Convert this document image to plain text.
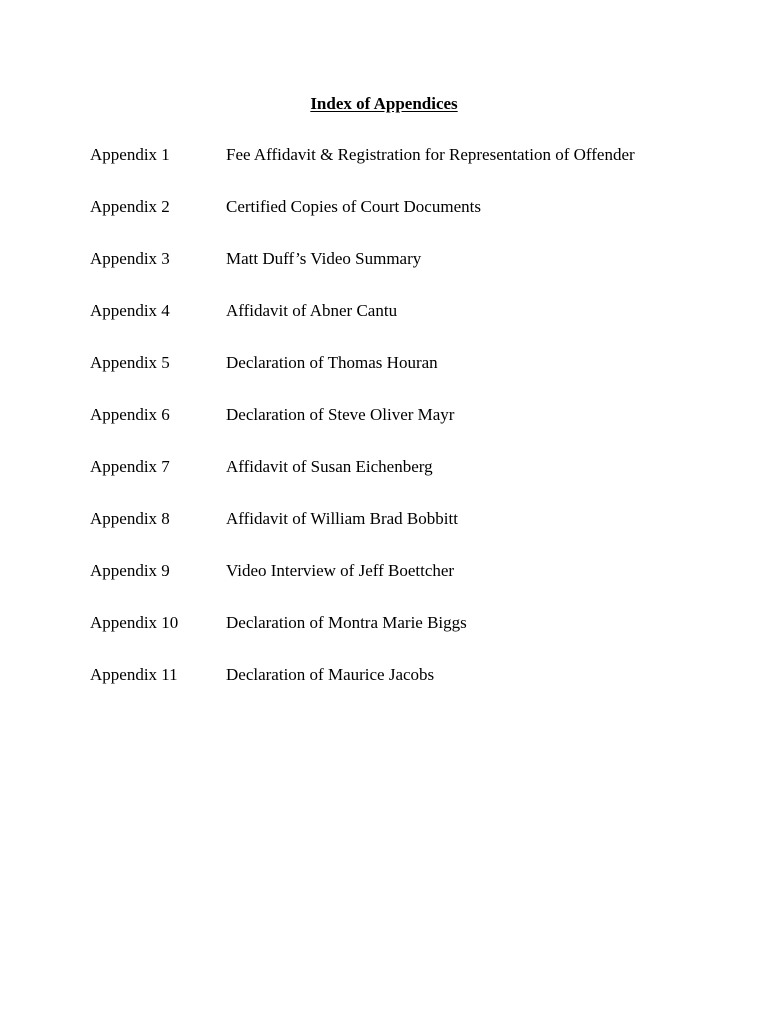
Index of Appendices
Appendix 1	Fee Affidavit & Registration for Representation of Offender
Appendix 2	Certified Copies of Court Documents
Appendix 3	Matt Duff’s Video Summary
Appendix 4	Affidavit of Abner Cantu
Appendix 5	Declaration of Thomas Houran
Appendix 6	Declaration of Steve Oliver Mayr
Appendix 7	Affidavit of Susan Eichenberg
Appendix 8	Affidavit of William Brad Bobbitt
Appendix 9	Video Interview of Jeff Boettcher
Appendix 10	Declaration of Montra Marie Biggs
Appendix 11	Declaration of Maurice Jacobs
